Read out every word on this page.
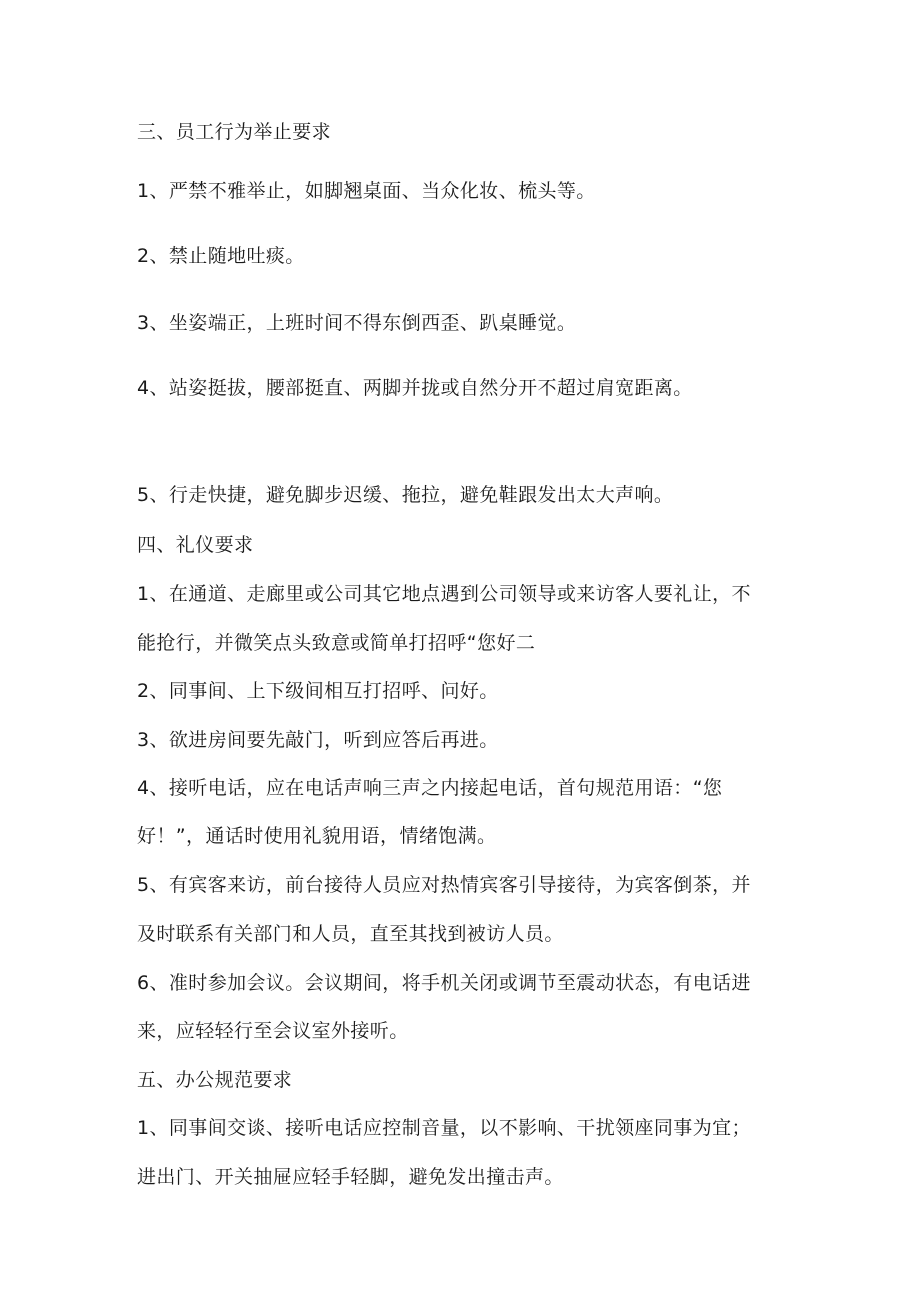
三、员工行为举止要求
1、严禁不雅举止，如脚翘桌面、当众化妆、梳头等。
2、禁止随地吐痰。
3、坐姿端正，上班时间不得东倒西歪、趴桌睡觉。
4、站姿挺拔，腰部挺直、两脚并拢或自然分开不超过肩宽距离。
5、行走快捷，避免脚步迟缓、拖拉，避免鞋跟发出太大声响。
四、礼仪要求
1、在通道、走廊里或公司其它地点遇到公司领导或来访客人要礼让，不
能抢行，并微笑点头致意或简单打招呼“您好二
2、同事间、上下级间相互打招呼、问好。
3、欲进房间要先敲门，听到应答后再进。
4、接听电话，应在电话声响三声之内接起电话，首句规范用语：“您
好！”，通话时使用礼貌用语，情绪饱满。
5、有宾客来访，前台接待人员应对热情宾客引导接待，为宾客倒茶，并
及时联系有关部门和人员，直至其找到被访人员。
6、准时参加会议。会议期间，将手机关闭或调节至震动状态，有电话进
来，应轻轻行至会议室外接听。
五、办公规范要求
1、同事间交谈、接听电话应控制音量，以不影响、干扰领座同事为宜；
进出门、开关抽屉应轻手轻脚，避免发出撞击声。
